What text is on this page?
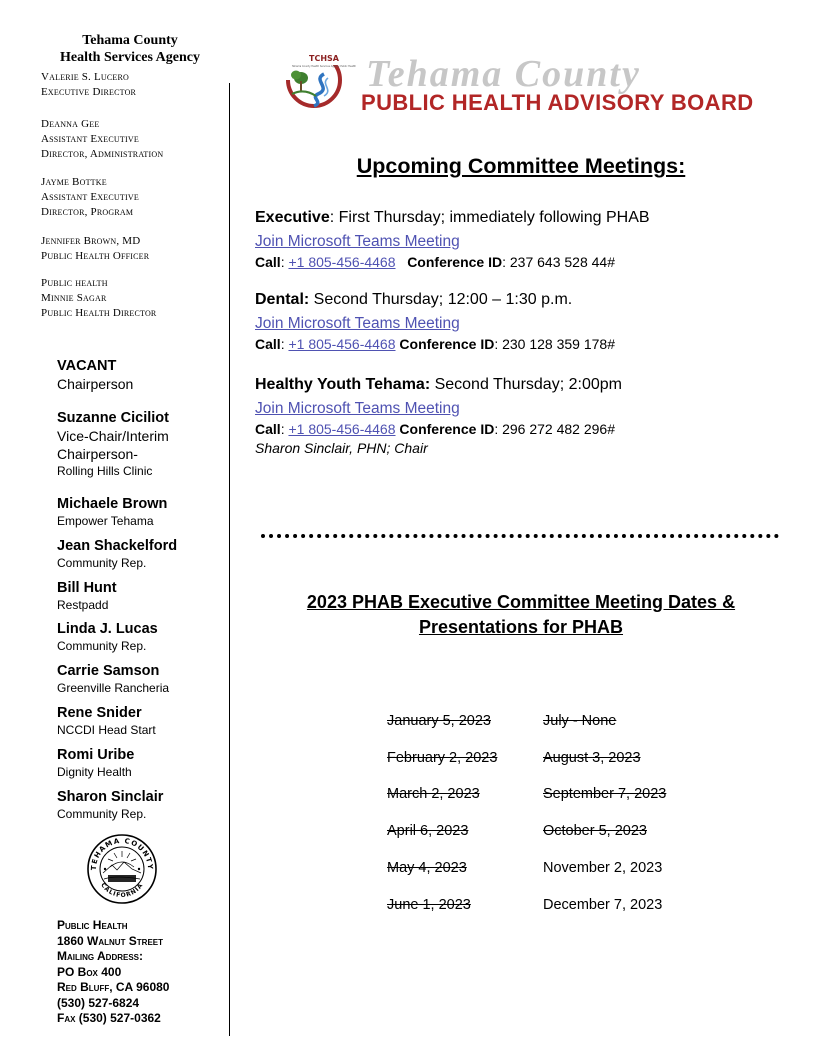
Tehama County
Health Services Agency
Valerie S. Lucero
Executive Director
Deanna Gee
Assistant Executive
Director, Administration
Jayme Bottke
Assistant Executive
Director, Program
Jennifer Brown, MD
Public Health Officer
Public health
Minnie Sagar
Public Health Director
VACANT
Chairperson
Suzanne Ciciliot
Vice-Chair/Interim Chairperson-
Rolling Hills Clinic
Michaele Brown
Empower Tehama
Jean Shackelford
Community Rep.
Bill Hunt
Restpadd
Linda J. Lucas
Community Rep.
Carrie Samson
Greenville Rancheria
Rene Snider
NCCDI Head Start
Romi Uribe
Dignity Health
Sharon Sinclair
Community Rep.
TEHAMA COUNTY
CALIFORNIA
Public Health
1860 Walnut Street
Mailing Address:
PO Box 400
Red Bluff, CA 96080
(530) 527-6824
Fax (530) 527-0362
TCHSA
Tehama County Health Services Agency Public Health Tehama County
PUBLIC HEALTH ADVISORY BOARD
Upcoming Committee Meetings:
Executive: First Thursday; immediately following PHAB
Join Microsoft Teams Meeting
Call: +1 805-456-4468 Conference ID: 237 643 528 44#
Dental: Second Thursday; 12:00 – 1:30 p.m.
Join Microsoft Teams Meeting
Call: +1 805-456-4468 Conference ID: 230 128 359 178#
Healthy Youth Tehama: Second Thursday; 2:00pm
Join Microsoft Teams Meeting
Call: +1 805-456-4468 Conference ID: 296 272 482 296#
Sharon Sinclair, PHN; Chair
2023 PHAB Executive Committee Meeting Dates &
Presentations for PHAB
January 5, 2023
February 2, 2023
March 2, 2023
April 6, 2023
May 4, 2023
June 1, 2023
July - None
August 3, 2023
September 7, 2023
October 5, 2023
November 2, 2023
December 7, 2023
